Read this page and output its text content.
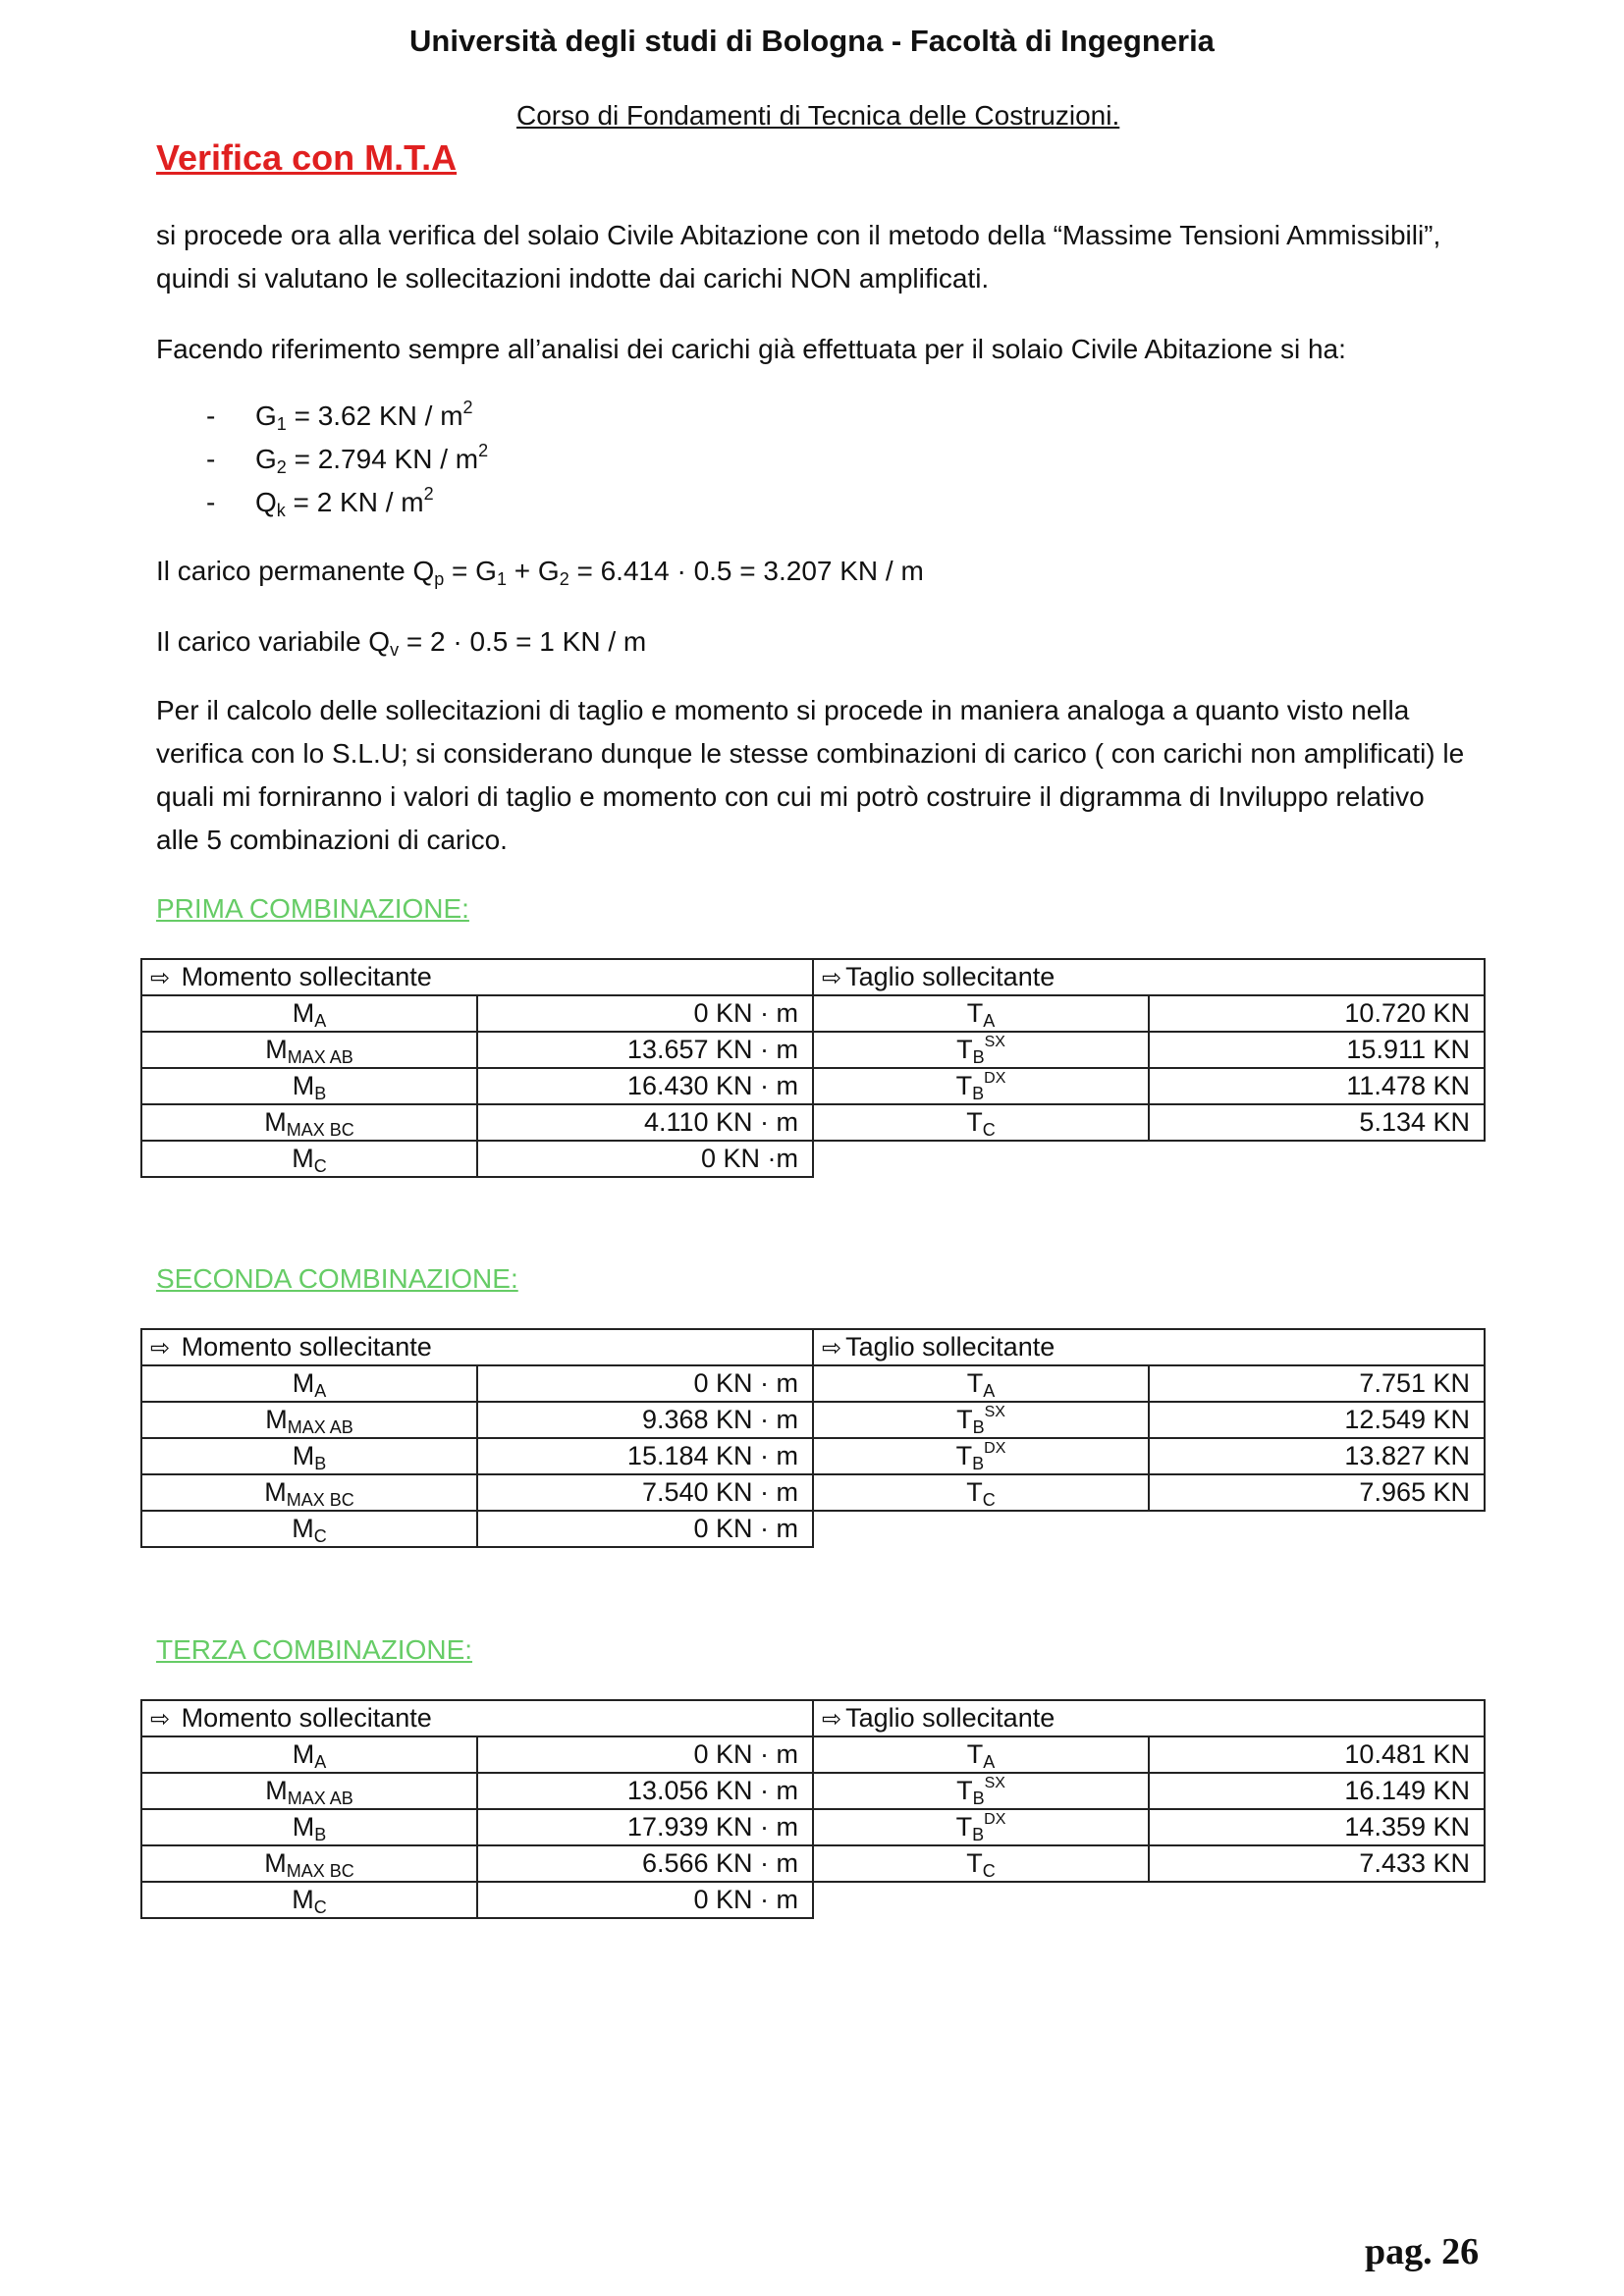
Università degli studi di Bologna - Facoltà di Ingegneria
Corso di Fondamenti di Tecnica delle Costruzioni.
Verifica con M.T.A
si procede ora alla verifica del solaio Civile Abitazione con il metodo della “Massime Tensioni Ammissibili”,
quindi si valutano le sollecitazioni indotte dai carichi NON amplificati.
Facendo riferimento sempre all’analisi dei carichi già effettuata per il solaio Civile Abitazione si ha:
- $G_1 = 3.62$ KN / $m^2$
- $G_2 = 2.794$ KN / $m^2$
- $Q_k = 2$ KN / $m^2$
Il carico permanente $Q_p = G_1 + G_2 = 6.414 \cdot 0.5 = 3.207$ KN / m
Il carico variabile $Q_v = 2 \cdot 0.5 = 1$ KN / m
Per il calcolo delle sollecitazioni di taglio e momento si procede in maniera analoga a quanto visto nella
verifica con lo S.L.U; si considerano dunque le stesse combinazioni di carico ( con carichi non amplificati) le
quali mi forniranno i valori di taglio e momento con cui mi potrò costruire il digramma di Inviluppo relativo
alle 5 combinazioni di carico.
PRIMA COMBINAZIONE:
⇨ Momento sollecitante		⇨ Taglio sollecitante	
$M_A$	0 KN · m	$T_A$	10.720 KN
$M_{MAX AB}$	13.657 KN · m	$T_B^{SX}$	15.911 KN
$M_B$	16.430 KN · m	$T_B^{DX}$	11.478 KN
$M_{MAX BC}$	4.110 KN · m	$T_C$	5.134 KN
$M_C$	0 KN ·m		
SECONDA COMBINAZIONE:
⇨ Momento sollecitante		⇨ Taglio sollecitante	
$M_A$	0 KN · m	$T_A$	7.751 KN
$M_{MAX AB}$	9.368 KN · m	$T_B^{SX}$	12.549 KN
$M_B$	15.184 KN · m	$T_B^{DX}$	13.827 KN
$M_{MAX BC}$	7.540 KN · m	$T_C$	7.965 KN
$M_C$	0 KN · m		
TERZA COMBINAZIONE:
⇨ Momento sollecitante		⇨ Taglio sollecitante	
$M_A$	0 KN · m	$T_A$	10.481 KN
$M_{MAX AB}$	13.056 KN · m	$T_B^{SX}$	16.149 KN
$M_B$	17.939 KN · m	$T_B^{DX}$	14.359 KN
$M_{MAX BC}$	6.566 KN · m	$T_C$	7.433 KN
$M_C$	0 KN · m		
pag. 26
